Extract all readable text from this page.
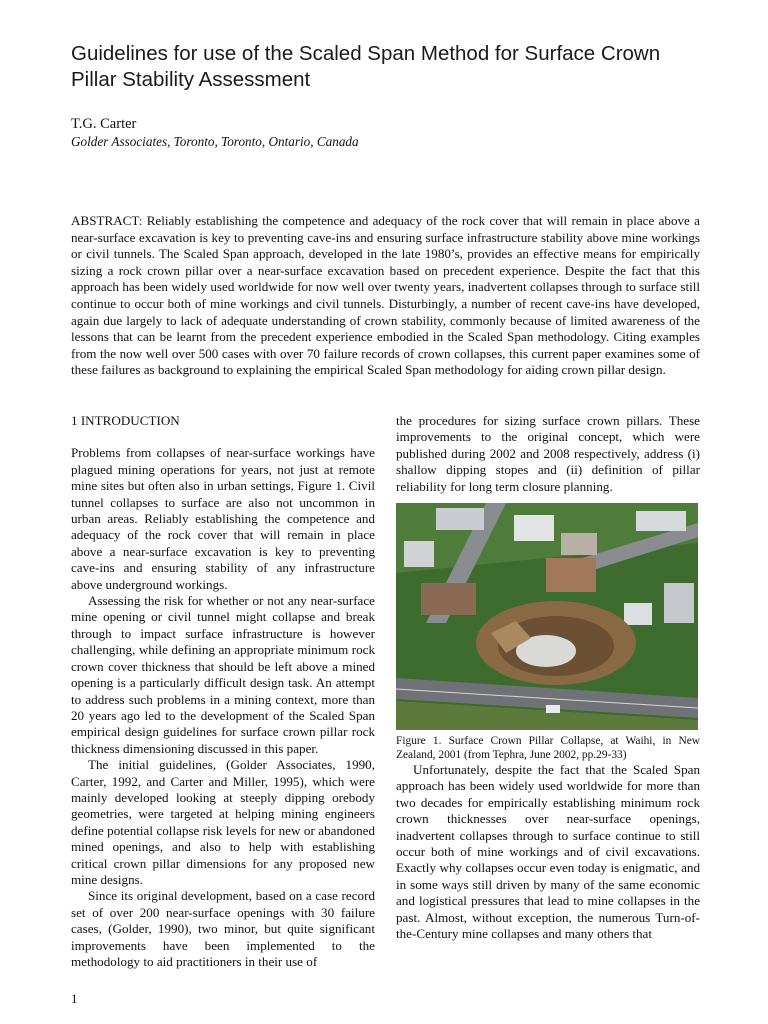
Guidelines for use of the Scaled Span Method for Surface Crown Pillar Stability Assessment
T.G. Carter
Golder Associates, Toronto, Toronto, Ontario, Canada

ABSTRACT: Reliably establishing the competence and adequacy of the rock cover that will remain in place above a near-surface excavation is key to preventing cave-ins and ensuring surface infrastructure stability above mine workings or civil tunnels. The Scaled Span approach, developed in the late 1980’s, provides an effective means for empirically sizing a rock crown pillar over a near-surface excavation based on precedent experience. Despite the fact that this approach has been widely used worldwide for now well over twenty years, inadvertent collapses through to surface still continue to occur both of mine workings and civil tunnels. Disturbingly, a number of recent cave-ins have developed, again due largely to lack of adequate understanding of crown stability, commonly because of limited awareness of the lessons that can be learnt from the precedent experience embodied in the Scaled Span methodology. Citing examples from the now well over 500 cases with over 70 failure records of crown collapses, this current paper examines some of these failures as background to explaining the empirical Scaled Span methodology for aiding crown pillar design.

1 INTRODUCTION

Problems from collapses of near-surface workings have plagued mining operations for years, not just at remote mine sites but often also in urban settings, Figure 1. Civil tunnel collapses to surface are also not uncommon in urban areas. Reliably establishing the competence and adequacy of the rock cover that will remain in place above a near-surface excavation is key to preventing cave-ins and ensuring stability of any infrastructure above underground workings.

Assessing the risk for whether or not any near-surface mine opening or civil tunnel might collapse and break through to impact surface infrastructure is however challenging, while defining an appropriate minimum rock crown cover thickness that should be left above a mined opening is a particularly difficult design task. An attempt to address such problems in a mining context, more than 20 years ago led to the development of the Scaled Span empirical design guidelines for surface crown pillar rock thickness dimensioning discussed in this paper.

The initial guidelines, (Golder Associates, 1990, Carter, 1992, and Carter and Miller, 1995), which were mainly developed looking at steeply dipping orebody geometries, were targeted at helping mining engineers define potential collapse risk levels for new or abandoned mined openings, and also to help with establishing critical crown pillar dimensions for any proposed new mine designs.

Since its original development, based on a case record set of over 200 near-surface openings with 30 failure cases, (Golder, 1990), two minor, but quite significant improvements have been implemented to the methodology to aid practitioners in their use of

the procedures for sizing surface crown pillars. These improvements to the original concept, which were published during 2002 and 2008 respectively, address (i) shallow dipping stopes and (ii) definition of pillar reliability for long term closure planning.

Figure 1. Surface Crown Pillar Collapse, at Waihi, in New Zealand, 2001 (from Tephra, June 2002, pp.29-33)

Unfortunately, despite the fact that the Scaled Span approach has been widely used worldwide for more than two decades for empirically establishing minimum rock crown thicknesses over near-surface openings, inadvertent collapses through to surface continue to still occur both of mine workings and of civil excavations. Exactly why collapses occur even today is enigmatic, and in some ways still driven by many of the same economic and logistical pressures that lead to mine collapses in the past. Almost, without exception, the numerous Turn-of-the-Century mine collapses and many others that

1
